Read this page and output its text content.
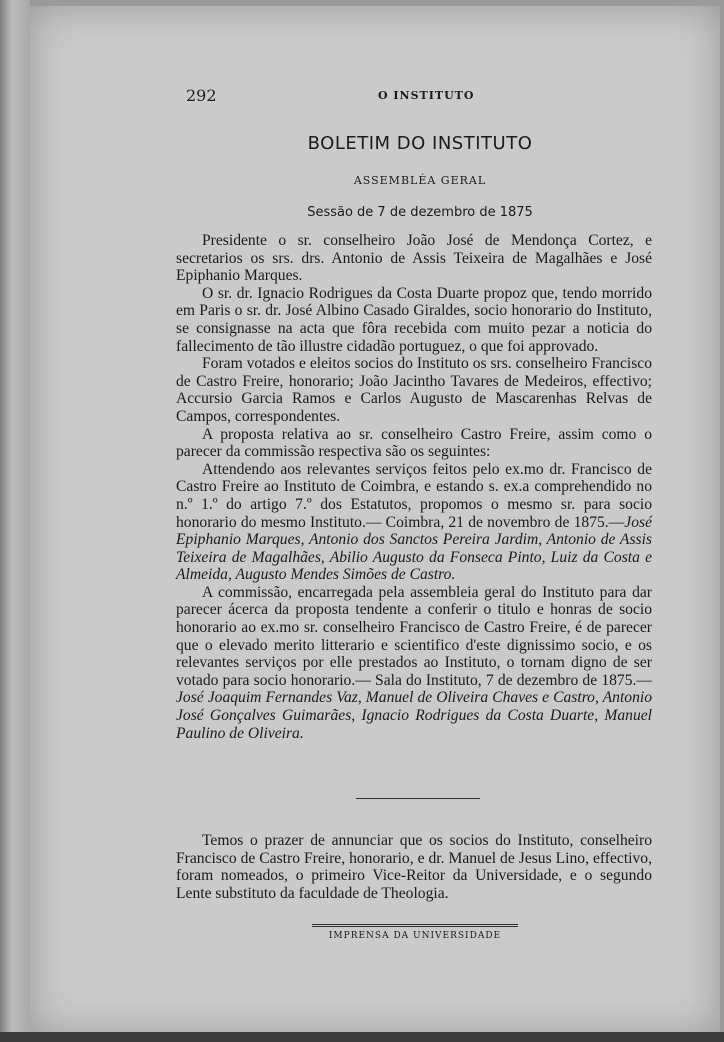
292	O INSTITUTO
BOLETIM DO INSTITUTO
ASSEMBLÉA GERAL
Sessão de 7 de dezembro de 1875

Presidente o sr. conselheiro João José de Mendonça Cortez, e secretarios os srs. drs. Antonio de Assis Teixeira de Magalhães e José Epiphanio Marques.

O sr. dr. Ignacio Rodrigues da Costa Duarte propoz que, tendo morrido em Paris o sr. dr. José Albino Casado Giraldes, socio honorario do Instituto, se consignasse na acta que fôra recebida com muito pezar a noticia do fallecimento de tão illustre cidadão portuguez, o que foi approvado.

Foram votados e eleitos socios do Instituto os srs. conselheiro Francisco de Castro Freire, honorario; João Jacintho Tavares de Medeiros, effectivo; Accursio Garcia Ramos e Carlos Augusto de Mascarenhas Relvas de Campos, correspondentes.

A proposta relativa ao sr. conselheiro Castro Freire, assim como o parecer da commissão respectiva são os seguintes:

Attendendo aos relevantes serviços feitos pelo ex.mo dr. Francisco de Castro Freire ao Instituto de Coimbra, e estando s. ex.a comprehendido no n.º 1.º do artigo 7.º dos Estatutos, propomos o mesmo sr. para socio honorario do mesmo Instituto.— Coimbra, 21 de novembro de 1875.—José Epiphanio Marques, Antonio dos Sanctos Pereira Jardim, Antonio de Assis Teixeira de Magalhães, Abilio Augusto da Fonseca Pinto, Luiz da Costa e Almeida, Augusto Mendes Simões de Castro.

A commissão, encarregada pela assembleia geral do Instituto para dar parecer ácerca da proposta tendente a conferir o titulo e honras de socio honorario ao ex.mo sr. conselheiro Francisco de Castro Freire, é de parecer que o elevado merito litterario e scientifico d'este dignissimo socio, e os relevantes serviços por elle prestados ao Instituto, o tornam digno de ser votado para socio honorario.— Sala do Instituto, 7 de dezembro de 1875.—José Joaquim Fernandes Vaz, Manuel de Oliveira Chaves e Castro, Antonio José Gonçalves Guimarães, Ignacio Rodrigues da Costa Duarte, Manuel Paulino de Oliveira.

Temos o prazer de annunciar que os socios do Instituto, conselheiro Francisco de Castro Freire, honorario, e dr. Manuel de Jesus Lino, effectivo, foram nomeados, o primeiro Vice-Reitor da Universidade, e o segundo Lente substituto da faculdade de Theologia.

IMPRENSA DA UNIVERSIDADE
